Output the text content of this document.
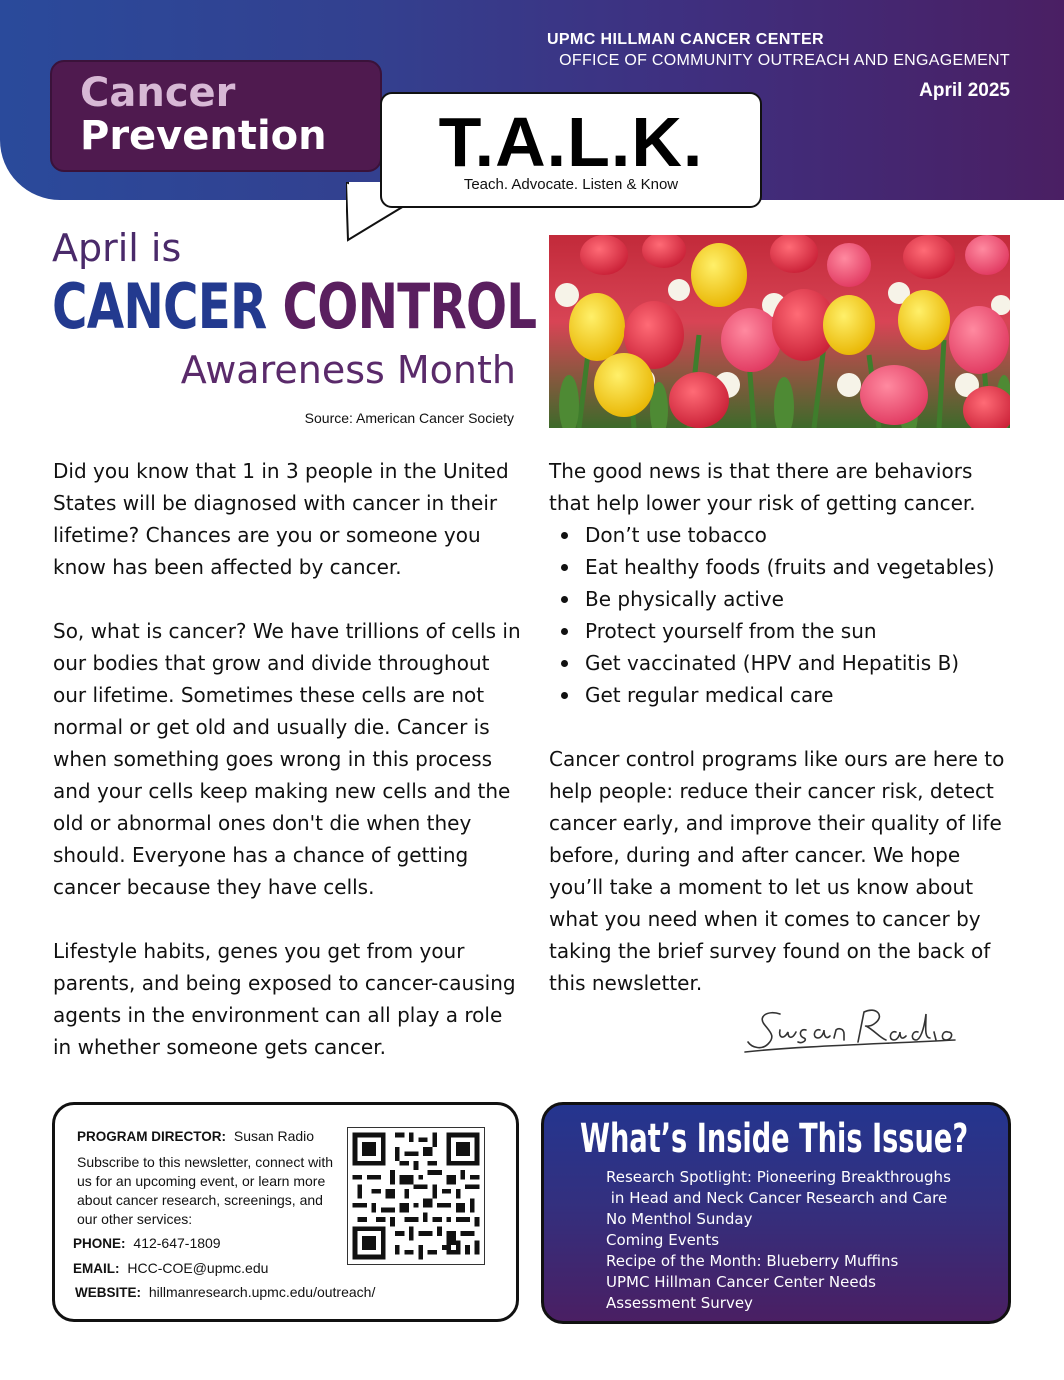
UPMC HILLMAN CANCER CENTER
OFFICE OF COMMUNITY OUTREACH AND ENGAGEMENT
April 2025
Cancer
Prevention	T.A.L.K.
Teach. Advocate. Listen & Know
April is
CANCER CONTROL
Awareness Month
Source: American Cancer Society

Did you know that 1 in 3 people in the United States will be diagnosed with cancer in their lifetime? Chances are you or someone you know has been affected by cancer.

So, what is cancer? We have trillions of cells in our bodies that grow and divide throughout our lifetime. Sometimes these cells are not normal or get old and usually die. Cancer is when something goes wrong in this process and your cells keep making new cells and the old or abnormal ones don't die when they should. Everyone has a chance of getting cancer because they have cells.

Lifestyle habits, genes you get from your parents, and being exposed to cancer-causing agents in the environment can all play a role in whether someone gets cancer.

The good news is that there are behaviors that help lower your risk of getting cancer.
Don’t use tobacco
Eat healthy foods (fruits and vegetables)
Be physically active
Protect yourself from the sun
Get vaccinated (HPV and Hepatitis B)
Get regular medical care

Cancer control programs like ours are here to help people: reduce their cancer risk, detect cancer early, and improve their quality of life before, during and after cancer. We hope you’ll take a moment to let us know about what you need when it comes to cancer by taking the brief survey found on the back of this newsletter.

PROGRAM DIRECTOR: Susan Radio
Subscribe to this newsletter, connect with us for an upcoming event, or learn more about cancer research, screenings, and our other services:
PHONE: 412-647-1809
EMAIL: HCC-COE@upmc.edu
WEBSITE: hillmanresearch.upmc.edu/outreach/
What’s Inside This Issue?
Research Spotlight: Pioneering Breakthroughs
in Head and Neck Cancer Research and Care
No Menthol Sunday
Coming Events
Recipe of the Month: Blueberry Muffins
UPMC Hillman Cancer Center Needs
Assessment Survey
